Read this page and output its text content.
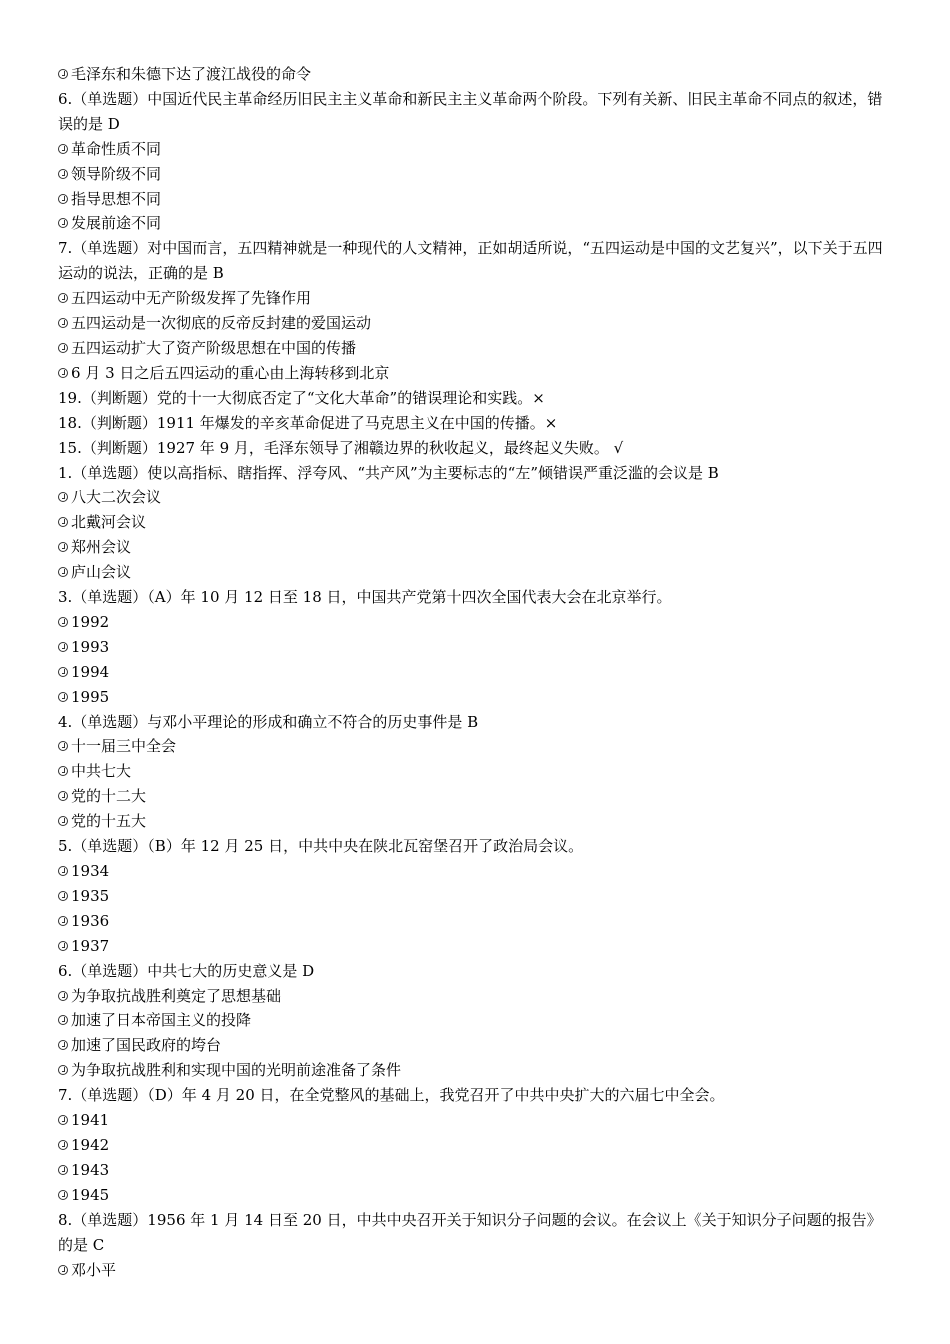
毛泽东和朱德下达了渡江战役的命令
6.（单选题）中国近代民主革命经历旧民主主义革命和新民主主义革命两个阶段。下列有关新、旧民主革命不同点的叙述，错误的是 D
革命性质不同
领导阶级不同
指导思想不同
发展前途不同
7.（单选题）对中国而言，五四精神就是一种现代的人文精神，正如胡适所说，“五四运动是中国的文艺复兴”，以下关于五四运动的说法，正确的是 B
五四运动中无产阶级发挥了先锋作用
五四运动是一次彻底的反帝反封建的爱国运动
五四运动扩大了资产阶级思想在中国的传播
6 月 3 日之后五四运动的重心由上海转移到北京
19.（判断题）党的十一大彻底否定了“文化大革命”的错误理论和实践。×
18.（判断题）1911 年爆发的辛亥革命促进了马克思主义在中国的传播。×
15.（判断题）1927 年 9 月，毛泽东领导了湘赣边界的秋收起义，最终起义失败。 √
1.（单选题）使以高指标、瞎指挥、浮夸风、“共产风”为主要标志的“左”倾错误严重泛滥的会议是 B
八大二次会议
北戴河会议
郑州会议
庐山会议
3.（单选题）（A）年 10 月 12 日至 18 日，中国共产党第十四次全国代表大会在北京举行。
1992
1993
1994
1995
4.（单选题）与邓小平理论的形成和确立不符合的历史事件是 B
十一届三中全会
中共七大
党的十二大
党的十五大
5.（单选题）（B）年 12 月 25 日，中共中央在陕北瓦窑堡召开了政治局会议。
1934
1935
1936
1937
6.（单选题）中共七大的历史意义是 D
为争取抗战胜利奠定了思想基础
加速了日本帝国主义的投降
加速了国民政府的垮台
为争取抗战胜利和实现中国的光明前途准备了条件
7.（单选题）（D）年 4 月 20 日，在全党整风的基础上，我党召开了中共中央扩大的六届七中全会。
1941
1942
1943
1945
8.（单选题）1956 年 1 月 14 日至 20 日，中共中央召开关于知识分子问题的会议。在会议上《关于知识分子问题的报告》的是 C
邓小平
